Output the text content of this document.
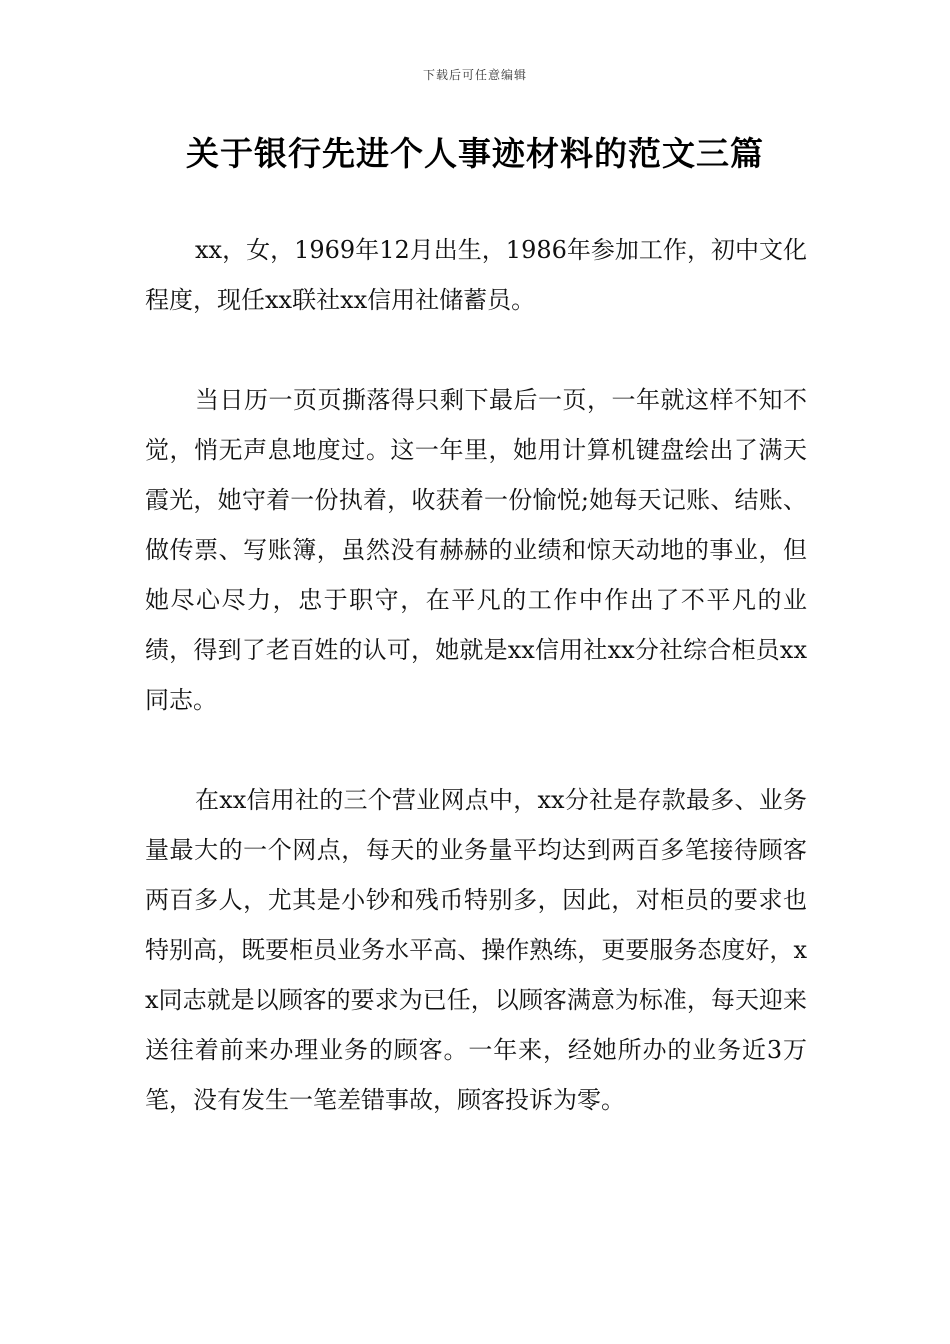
下载后可任意编辑
关于银行先进个人事迹材料的范文三篇

xx，女，1969年12月出生，1986年参加工作，初中文化程度，现任xx联社xx信用社储蓄员。

当日历一页页撕落得只剩下最后一页，一年就这样不知不觉，悄无声息地度过。这一年里，她用计算机键盘绘出了满天霞光，她守着一份执着，收获着一份愉悦;她每天记账、结账、做传票、写账簿，虽然没有赫赫的业绩和惊天动地的事业，但她尽心尽力，忠于职守，在平凡的工作中作出了不平凡的业绩，得到了老百姓的认可，她就是xx信用社xx分社综合柜员xx同志。

在xx信用社的三个营业网点中，xx分社是存款最多、业务量最大的一个网点，每天的业务量平均达到两百多笔接待顾客两百多人，尤其是小钞和残币特别多，因此，对柜员的要求也特别高，既要柜员业务水平高、操作熟练，更要服务态度好，xx同志就是以顾客的要求为已任，以顾客满意为标准，每天迎来送往着前来办理业务的顾客。一年来，经她所办的业务近3万笔，没有发生一笔差错事故，顾客投诉为零。
